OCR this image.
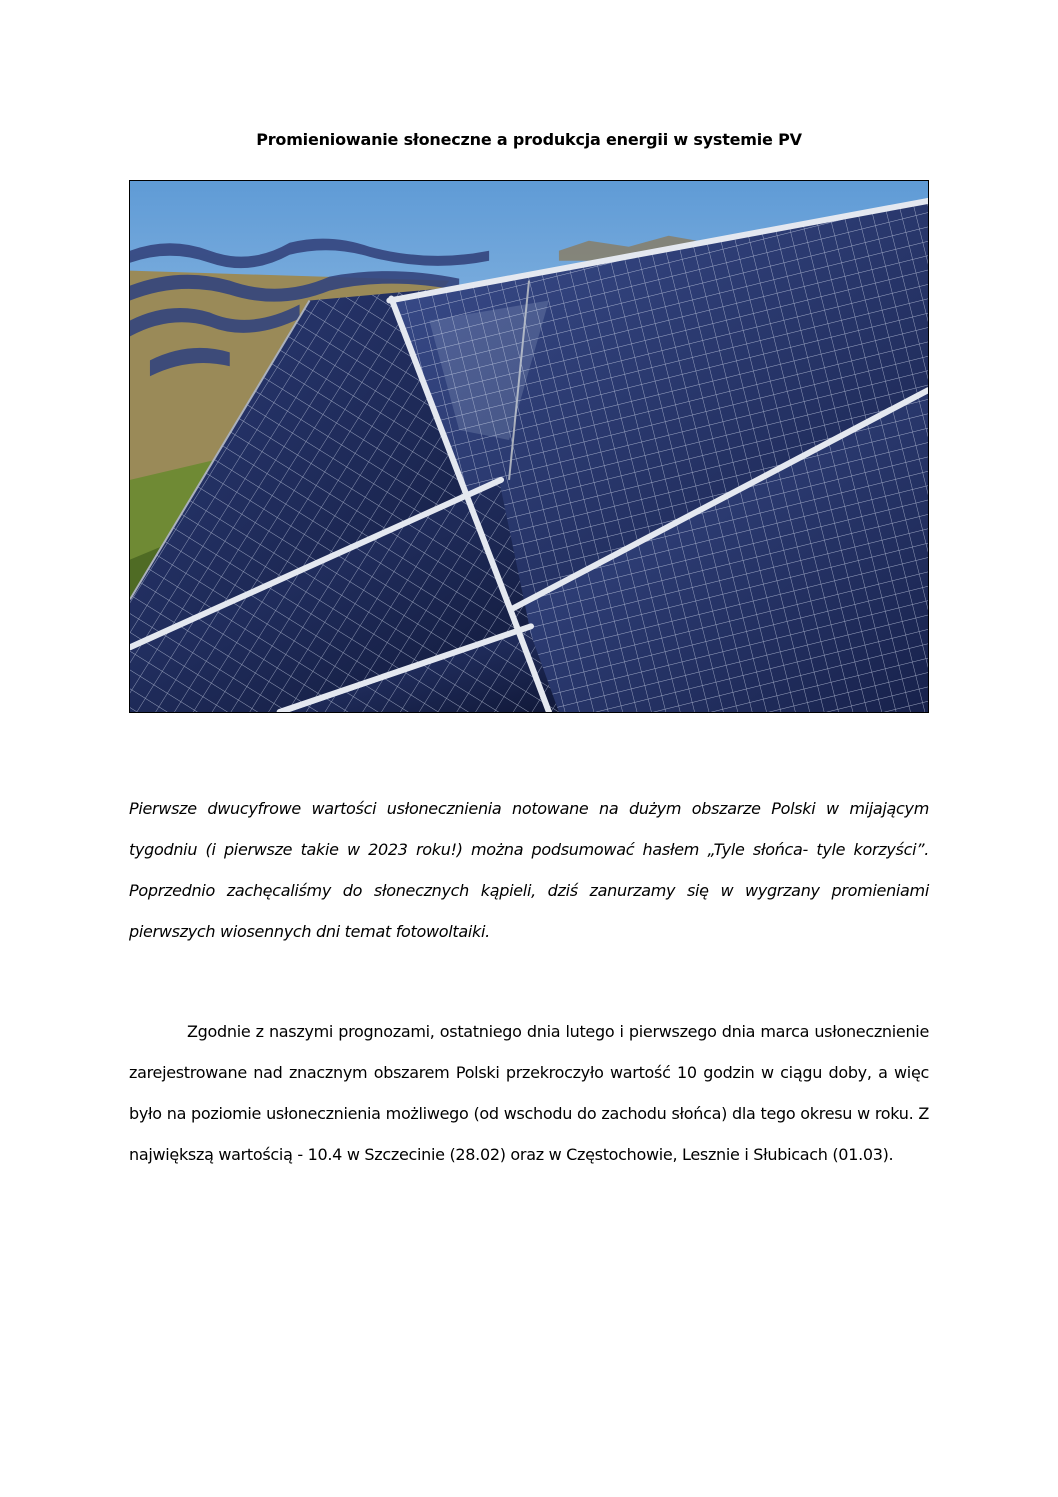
Promieniowanie słoneczne a produkcja energii w systemie PV

Pierwsze dwucyfrowe wartości usłonecznienia notowane na dużym obszarze Polski w mijającym tygodniu (i pierwsze takie w 2023 roku!) można podsumować hasłem „Tyle słońca- tyle korzyści”. Poprzednio zachęcaliśmy do słonecznych kąpieli, dziś zanurzamy się w wygrzany promieniami pierwszych wiosennych dni temat fotowoltaiki.

Zgodnie z naszymi prognozami, ostatniego dnia lutego i pierwszego dnia marca usłonecznienie zarejestrowane nad znacznym obszarem Polski przekroczyło wartość 10 godzin w ciągu doby, a więc było na poziomie usłonecznienia możliwego (od wschodu do zachodu słońca) dla tego okresu w roku. Z największą wartością - 10.4 w Szczecinie (28.02) oraz w Częstochowie, Lesznie i Słubicach (01.03).
